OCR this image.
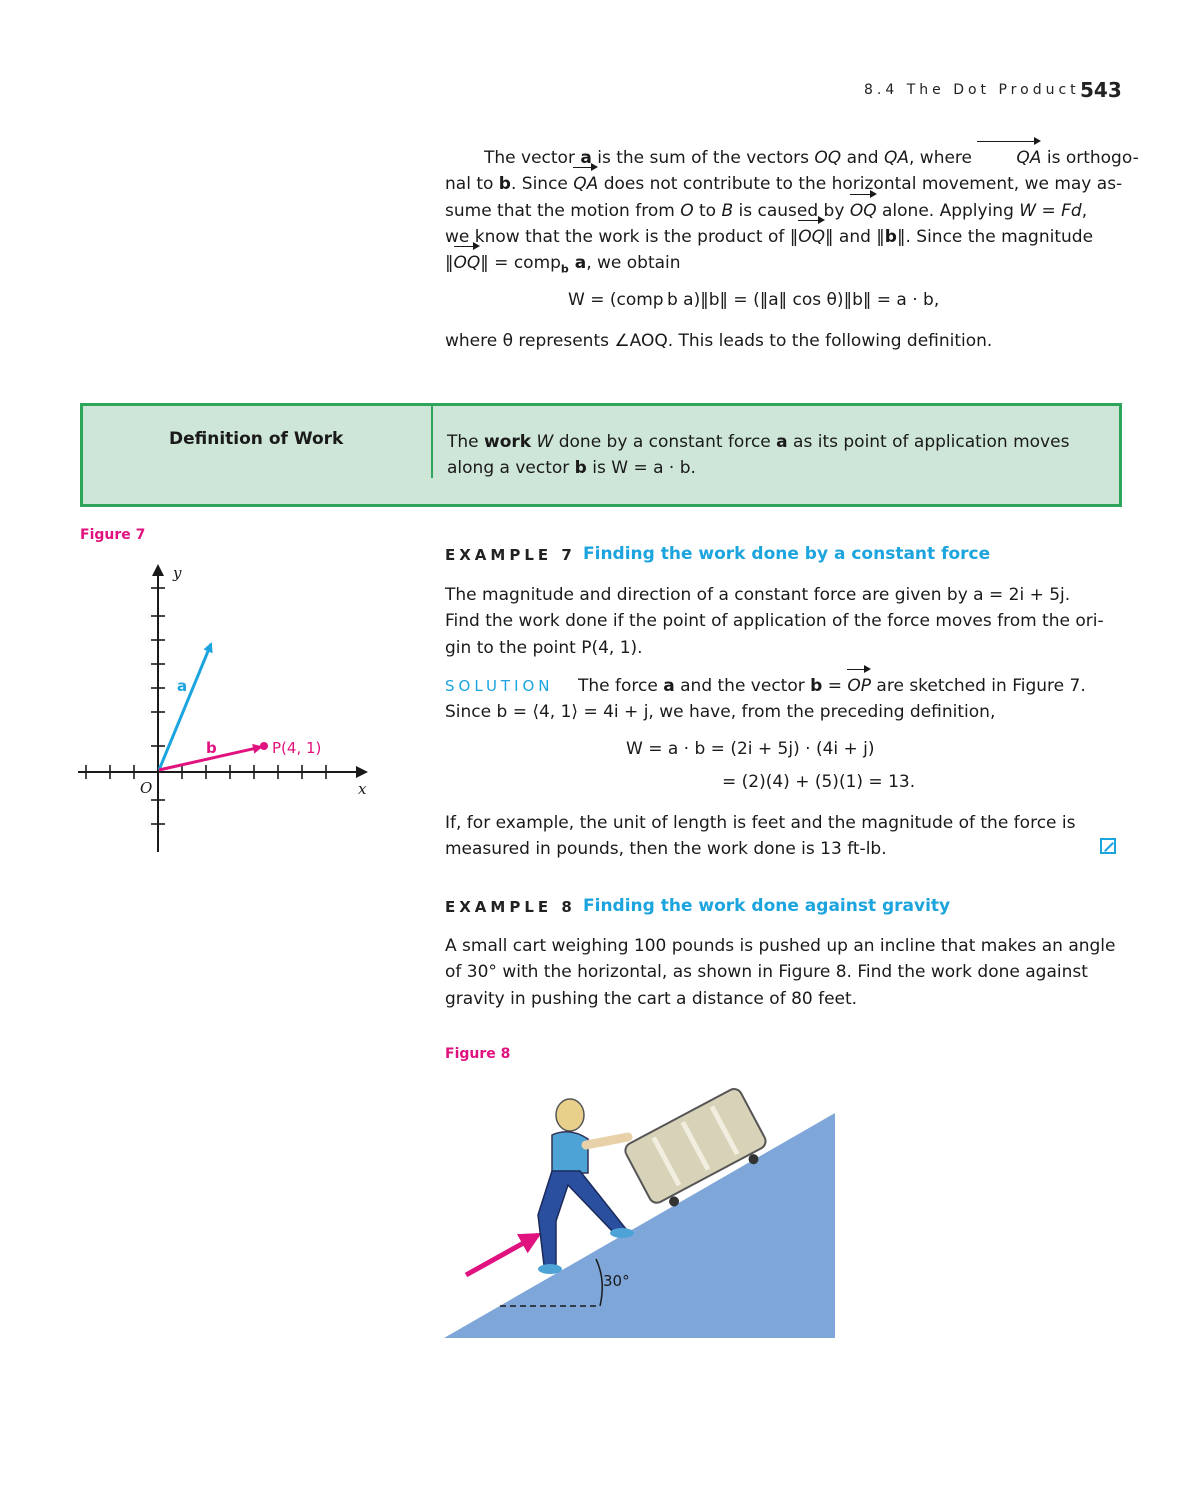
8.4 The Dot Product 543
The vector a is the sum of the vectors OQ and QA, where QA is orthogo-
nal to b. Since QA does not contribute to the horizontal movement, we may as-
sume that the motion from O to B is caused by OQ alone. Applying W = Fd,
we know that the work is the product of ‖OQ‖ and ‖b‖. Since the magnitude
‖OQ‖ = comp$_b$ a, we obtain
W = (comp b a)‖b‖ = (‖a‖ cos θ)‖b‖ = a · b,
where θ represents ∠AOQ. This leads to the following definition.
Definition of Work	The work W done by a constant force a as its point of application moves
along a vector b is W = a · b.
Figure 7
y
x
O
a
b	P(4, 1)
EXAMPLE 7 Finding the work done by a constant force
The magnitude and direction of a constant force are given by a = 2i + 5j.
Find the work done if the point of application of the force moves from the ori-
gin to the point P(4, 1).
SOLUTION The force a and the vector b = OP are sketched in Figure 7.
Since b = ⟨4, 1⟩ = 4i + j, we have, from the preceding definition,
W = a · b = (2i + 5j) · (4i + j)
= (2)(4) + (5)(1) = 13.
If, for example, the unit of length is feet and the magnitude of the force is
measured in pounds, then the work done is 13 ft-lb.
EXAMPLE 8 Finding the work done against gravity
A small cart weighing 100 pounds is pushed up an incline that makes an angle
of 30° with the horizontal, as shown in Figure 8. Find the work done against
gravity in pushing the cart a distance of 80 feet.
Figure 8
30°
